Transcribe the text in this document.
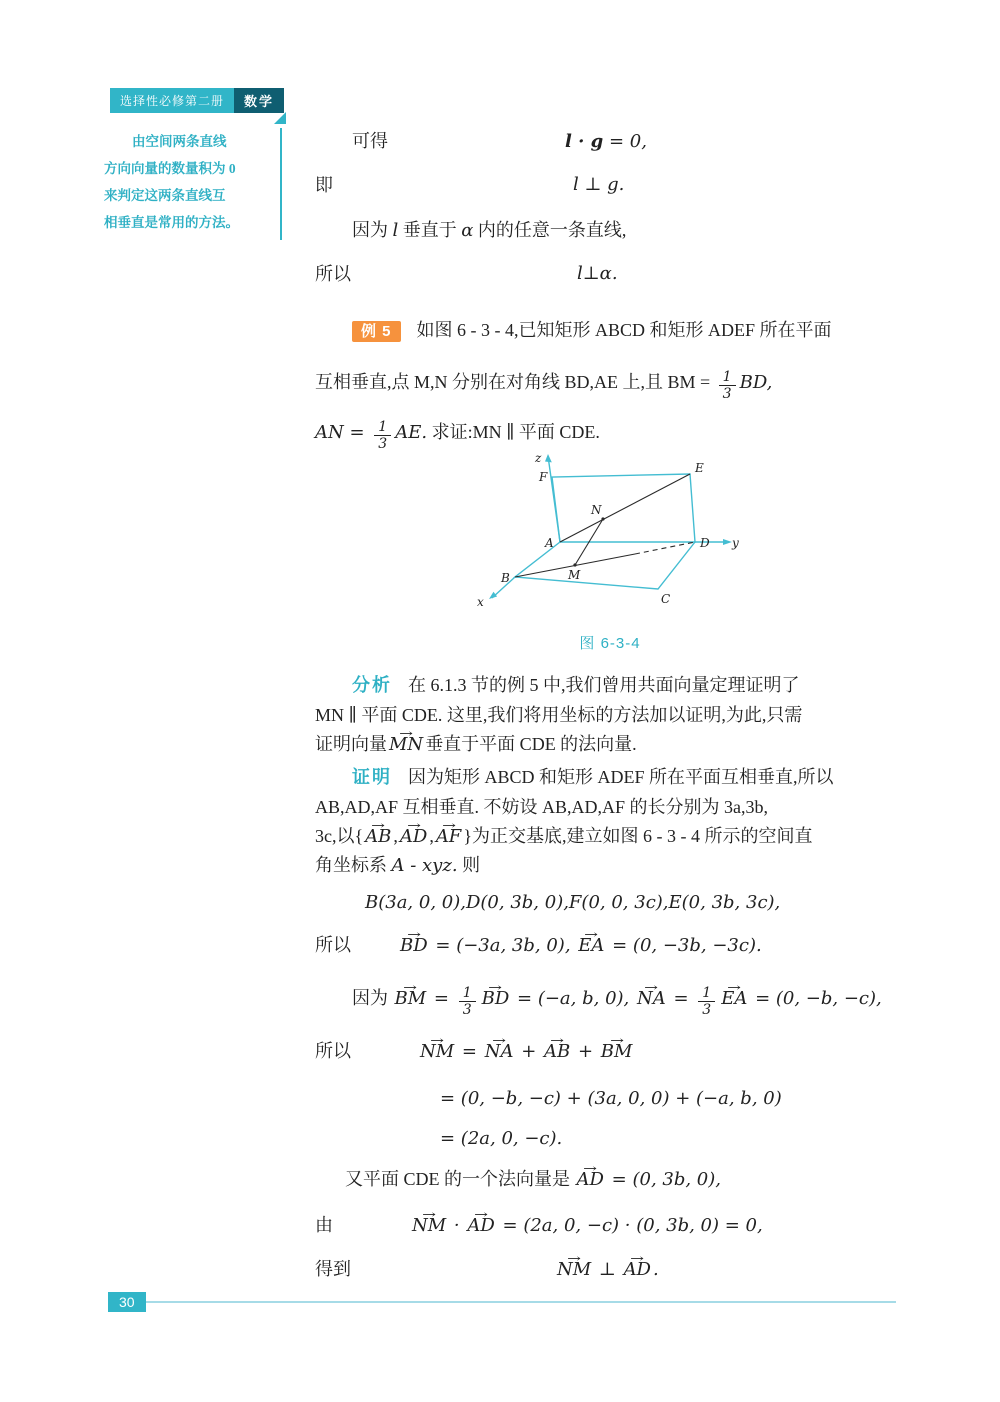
选择性必修第二册	数学
由空间两条直线
方向向量的数量积为 0
来判定这两条直线互
相垂直是常用的方法。
可得	l · g = 0,
即	l ⊥ g.
因为 l 垂直于 α 内的任意一条直线,
所以	l⊥α.
例 5 如图 6 - 3 - 4,已知矩形 ABCD 和矩形 ADEF 所在平面
互相垂直,点 M,N 分别在对角线 BD,AE 上,且 BM = $\frac{1}{3}$ BD,
AN = $\frac{1}{3}$ AE. 求证:MN ∥ 平面 CDE.
z
F
E
N
A	D y
B	M
C
x
图 6-3-4
分析 在 6.1.3 节的例 5 中,我们曾用共面向量定理证明了
MN ∥ 平面 CDE. 这里,我们将用坐标的方法加以证明,为此,只需
证明向量 MN → 垂直于平面 CDE 的法向量.
证明 因为矩形 ABCD 和矩形 ADEF 所在平面互相垂直,所以
AB,AD,AF 互相垂直. 不妨设 AB,AD,AF 的长分别为 3a,3b,
3c,以{ AB → , AD → , AF → }为正交基底,建立如图 6 - 3 - 4 所示的空间直
角坐标系 A - xyz. 则
B(3a, 0, 0),D(0, 3b, 0),F(0, 0, 3c),E(0, 3b, 3c),
所以	BD → = (−3a, 3b, 0), EA → = (0, −3b, −3c).
因为 BM → = $\frac{1}{3}$ BD → = (−a, b, 0), NA → = $\frac{1}{3}$ EA → = (0, −b, −c),
所以	NM → = NA → + AB → + BM →
= (0, −b, −c) + (3a, 0, 0) + (−a, b, 0)
= (2a, 0, −c).
又平面 CDE 的一个法向量是 AD → = (0, 3b, 0),
由	NM → · AD → = (2a, 0, −c) · (0, 3b, 0) = 0,
得到	NM → ⊥ AD → .
30
